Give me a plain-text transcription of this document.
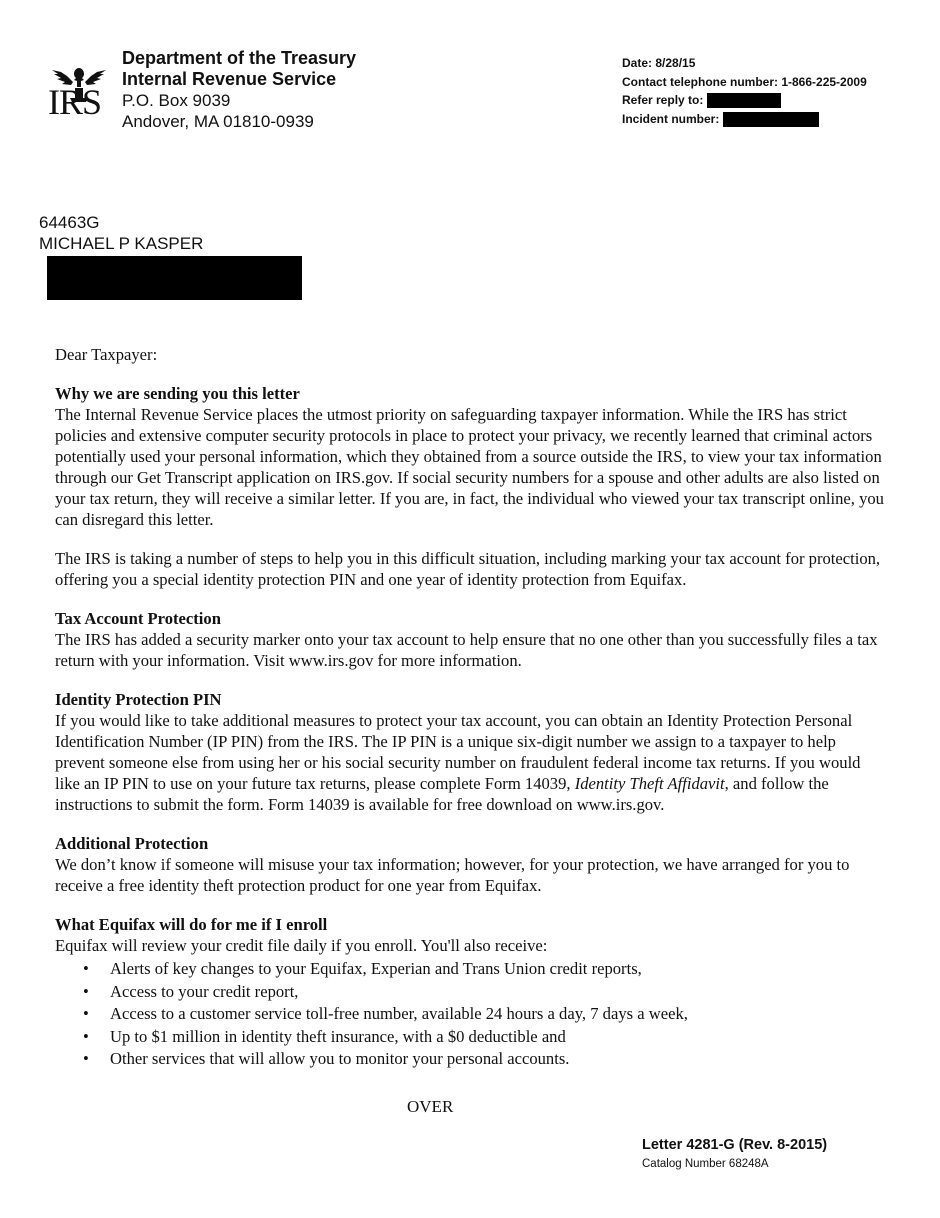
IRS
Department of the Treasury
Internal Revenue Service
P.O. Box 9039
Andover, MA 01810-0939
Date: 8/28/15
Contact telephone number: 1-866-225-2009
Refer reply to:
Incident number:
64463G
MICHAEL P KASPER

Dear Taxpayer:

Why we are sending you this letter

The Internal Revenue Service places the utmost priority on safeguarding taxpayer information. While the IRS has strict policies and extensive computer security protocols in place to protect your privacy, we recently learned that criminal actors potentially used your personal information, which they obtained from a source outside the IRS, to view your tax information through our Get Transcript application on IRS.gov. If social security numbers for a spouse and other adults are also listed on your tax return, they will receive a similar letter. If you are, in fact, the individual who viewed your tax transcript online, you can disregard this letter.

The IRS is taking a number of steps to help you in this difficult situation, including marking your tax account for protection, offering you a special identity protection PIN and one year of identity protection from Equifax.

Tax Account Protection

The IRS has added a security marker onto your tax account to help ensure that no one other than you successfully files a tax return with your information. Visit www.irs.gov for more information.

Identity Protection PIN

If you would like to take additional measures to protect your tax account, you can obtain an Identity Protection Personal Identification Number (IP PIN) from the IRS. The IP PIN is a unique six-digit number we assign to a taxpayer to help prevent someone else from using her or his social security number on fraudulent federal income tax returns. If you would like an IP PIN to use on your future tax returns, please complete Form 14039, Identity Theft Affidavit, and follow the instructions to submit the form. Form 14039 is available for free download on www.irs.gov.

Additional Protection

We don’t know if someone will misuse your tax information; however, for your protection, we have arranged for you to receive a free identity theft protection product for one year from Equifax.

What Equifax will do for me if I enroll

Equifax will review your credit file daily if you enroll. You'll also receive:

• Alerts of key changes to your Equifax, Experian and Trans Union credit reports,
• Access to your credit report,
• Access to a customer service toll-free number, available 24 hours a day, 7 days a week,
• Up to $1 million in identity theft insurance, with a $0 deductible and
• Other services that will allow you to monitor your personal accounts.
OVER
Letter 4281-G (Rev. 8-2015)
Catalog Number 68248A
